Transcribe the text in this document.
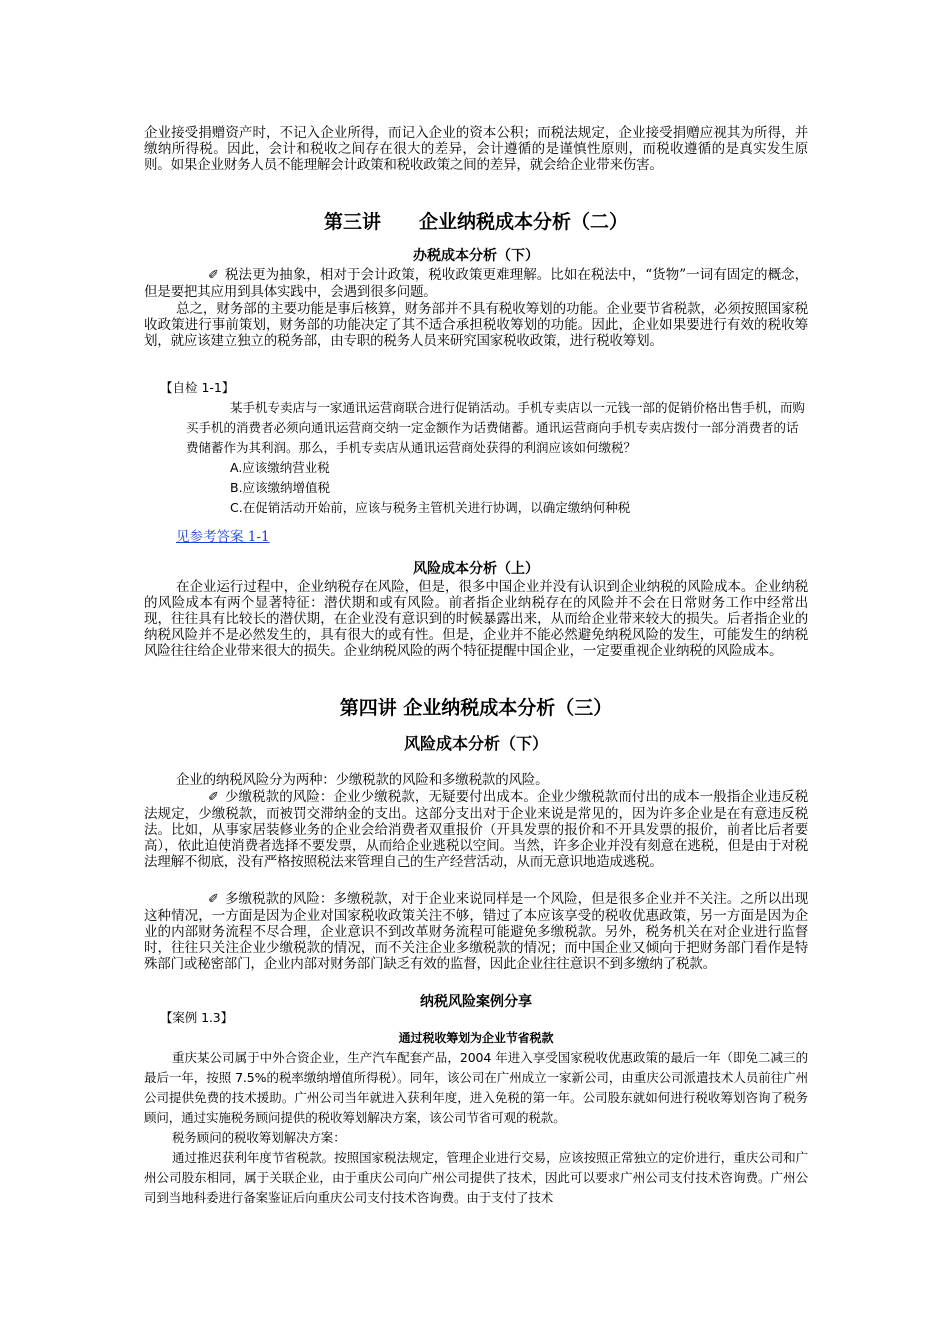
企业接受捐赠资产时，不记入企业所得，而记入企业的资本公积；而税法规定，企业接受捐赠应视其为所得，并缴纳所得税。因此，会计和税收之间存在很大的差异，会计遵循的是谨慎性原则，而税收遵循的是真实发生原则。如果企业财务人员不能理解会计政策和税收政策之间的差异，就会给企业带来伤害。

第三讲　　企业纳税成本分析（二）
办税成本分析（下）

✐ 税法更为抽象，相对于会计政策，税收政策更难理解。比如在税法中，“货物”一词有固定的概念，但是要把其应用到具体实践中，会遇到很多问题。

总之，财务部的主要功能是事后核算，财务部并不具有税收筹划的功能。企业要节省税款，必须按照国家税收政策进行事前策划，财务部的功能决定了其不适合承担税收筹划的功能。因此，企业如果要进行有效的税收筹划，就应该建立独立的税务部，由专职的税务人员来研究国家税收政策，进行税收筹划。

【自检 1-1】
某手机专卖店与一家通讯运营商联合进行促销活动。手机专卖店以一元钱一部的促销价格出售手机，而购买手机的消费者必须向通讯运营商交纳一定金额作为话费储蓄。通讯运营商向手机专卖店拨付一部分消费者的话费储蓄作为其利润。那么，手机专卖店从通讯运营商处获得的利润应该如何缴税？
A.应该缴纳营业税
B.应该缴纳增值税
C.在促销活动开始前，应该与税务主管机关进行协调，以确定缴纳何种税
见参考答案 1-1
风险成本分析（上）

在企业运行过程中，企业纳税存在风险，但是，很多中国企业并没有认识到企业纳税的风险成本。企业纳税的风险成本有两个显著特征：潜伏期和或有风险。前者指企业纳税存在的风险并不会在日常财务工作中经常出现，往往具有比较长的潜伏期，在企业没有意识到的时候暴露出来，从而给企业带来较大的损失。后者指企业的纳税风险并不是必然发生的，具有很大的或有性。但是，企业并不能必然避免纳税风险的发生，可能发生的纳税风险往往给企业带来很大的损失。企业纳税风险的两个特征提醒中国企业，一定要重视企业纳税的风险成本。

第四讲 企业纳税成本分析（三）
风险成本分析（下）

企业的纳税风险分为两种：少缴税款的风险和多缴税款的风险。

✐ 少缴税款的风险：企业少缴税款，无疑要付出成本。企业少缴税款而付出的成本一般指企业违反税法规定，少缴税款，而被罚交滞纳金的支出。这部分支出对于企业来说是常见的，因为许多企业是在有意违反税法。比如，从事家居装修业务的企业会给消费者双重报价（开具发票的报价和不开具发票的报价，前者比后者要高），依此迫使消费者选择不要发票，从而给企业逃税以空间。当然，许多企业并没有刻意在逃税，但是由于对税法理解不彻底，没有严格按照税法来管理自己的生产经营活动，从而无意识地造成逃税。

✐ 多缴税款的风险：多缴税款，对于企业来说同样是一个风险，但是很多企业并不关注。之所以出现这种情况，一方面是因为企业对国家税收政策关注不够，错过了本应该享受的税收优惠政策，另一方面是因为企业的内部财务流程不尽合理，企业意识不到改革财务流程可能避免多缴税款。另外，税务机关在对企业进行监督时，往往只关注企业少缴税款的情况，而不关注企业多缴税款的情况；而中国企业又倾向于把财务部门看作是特殊部门或秘密部门，企业内部对财务部门缺乏有效的监督，因此企业往往意识不到多缴纳了税款。

纳税风险案例分享
【案例 1.3】
通过税收筹划为企业节省税款

重庆某公司属于中外合资企业，生产汽车配套产品，2004 年进入享受国家税收优惠政策的最后一年（即免二减三的最后一年，按照 7.5%的税率缴纳增值所得税）。同年，该公司在广州成立一家新公司，由重庆公司派遣技术人员前往广州公司提供免费的技术援助。广州公司当年就进入获利年度，进入免税的第一年。公司股东就如何进行税收筹划咨询了税务顾问，通过实施税务顾问提供的税收筹划解决方案，该公司节省可观的税款。

税务顾问的税收筹划解决方案：

通过推迟获利年度节省税款。按照国家税法规定，管理企业进行交易，应该按照正常独立的定价进行，重庆公司和广州公司股东相同，属于关联企业，由于重庆公司向广州公司提供了技术，因此可以要求广州公司支付技术咨询费。广州公司到当地科委进行备案鉴证后向重庆公司支付技术咨询费。由于支付了技术
